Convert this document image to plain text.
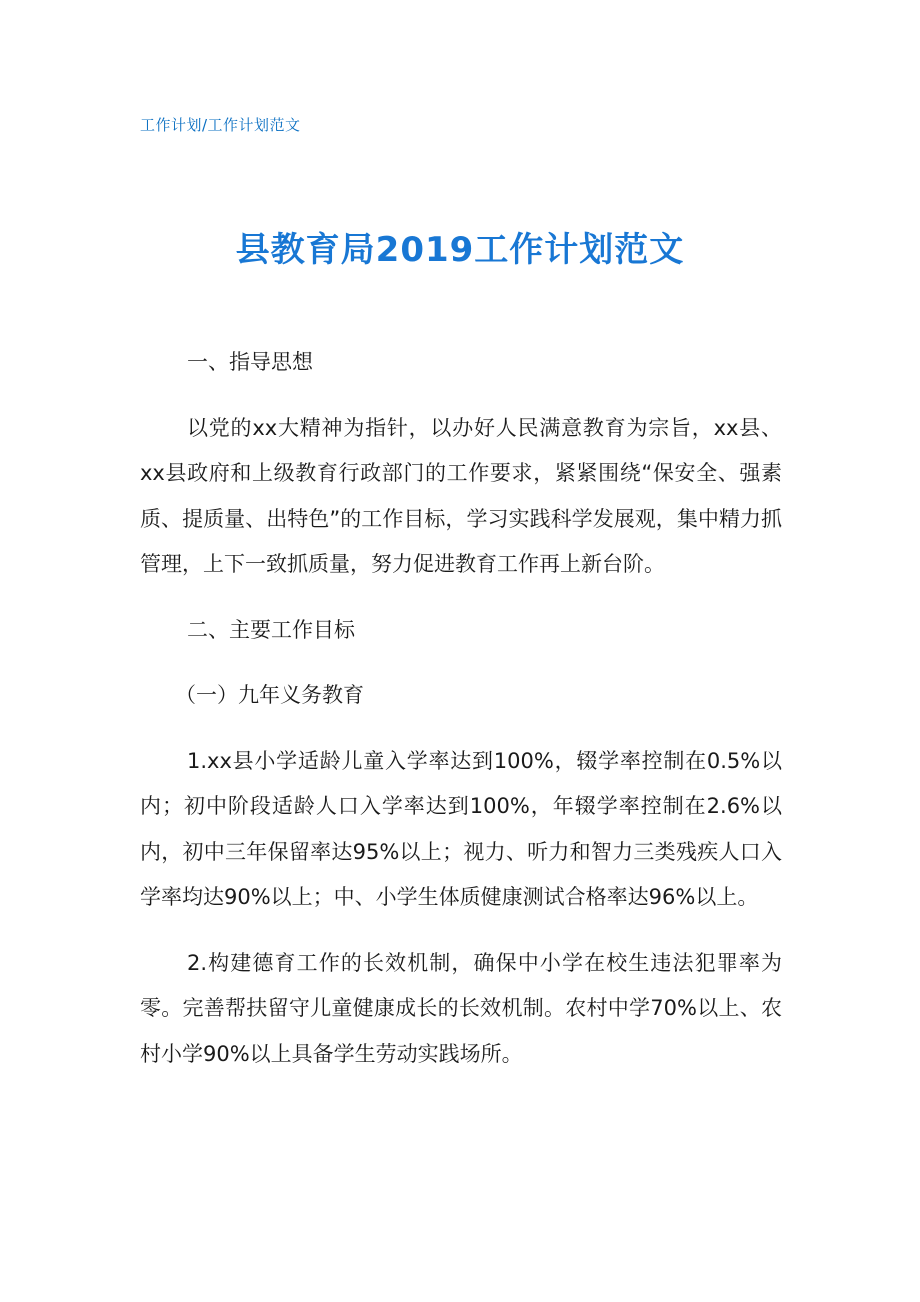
工作计划/工作计划范文
县教育局2019工作计划范文

一、指导思想

以党的xx大精神为指针，以办好人民满意教育为宗旨，xx县、xx县政府和上级教育行政部门的工作要求，紧紧围绕“保安全、强素质、提质量、出特色”的工作目标，学习实践科学发展观，集中精力抓管理，上下一致抓质量，努力促进教育工作再上新台阶。

二、主要工作目标

（一）九年义务教育

1.xx县小学适龄儿童入学率达到100%，辍学率控制在0.5%以内；初中阶段适龄人口入学率达到100%，年辍学率控制在2.6%以内，初中三年保留率达95%以上；视力、听力和智力三类残疾人口入学率均达90%以上；中、小学生体质健康测试合格率达96%以上。

2.构建德育工作的长效机制，确保中小学在校生违法犯罪率为零。完善帮扶留守儿童健康成长的长效机制。农村中学70%以上、农村小学90%以上具备学生劳动实践场所。
